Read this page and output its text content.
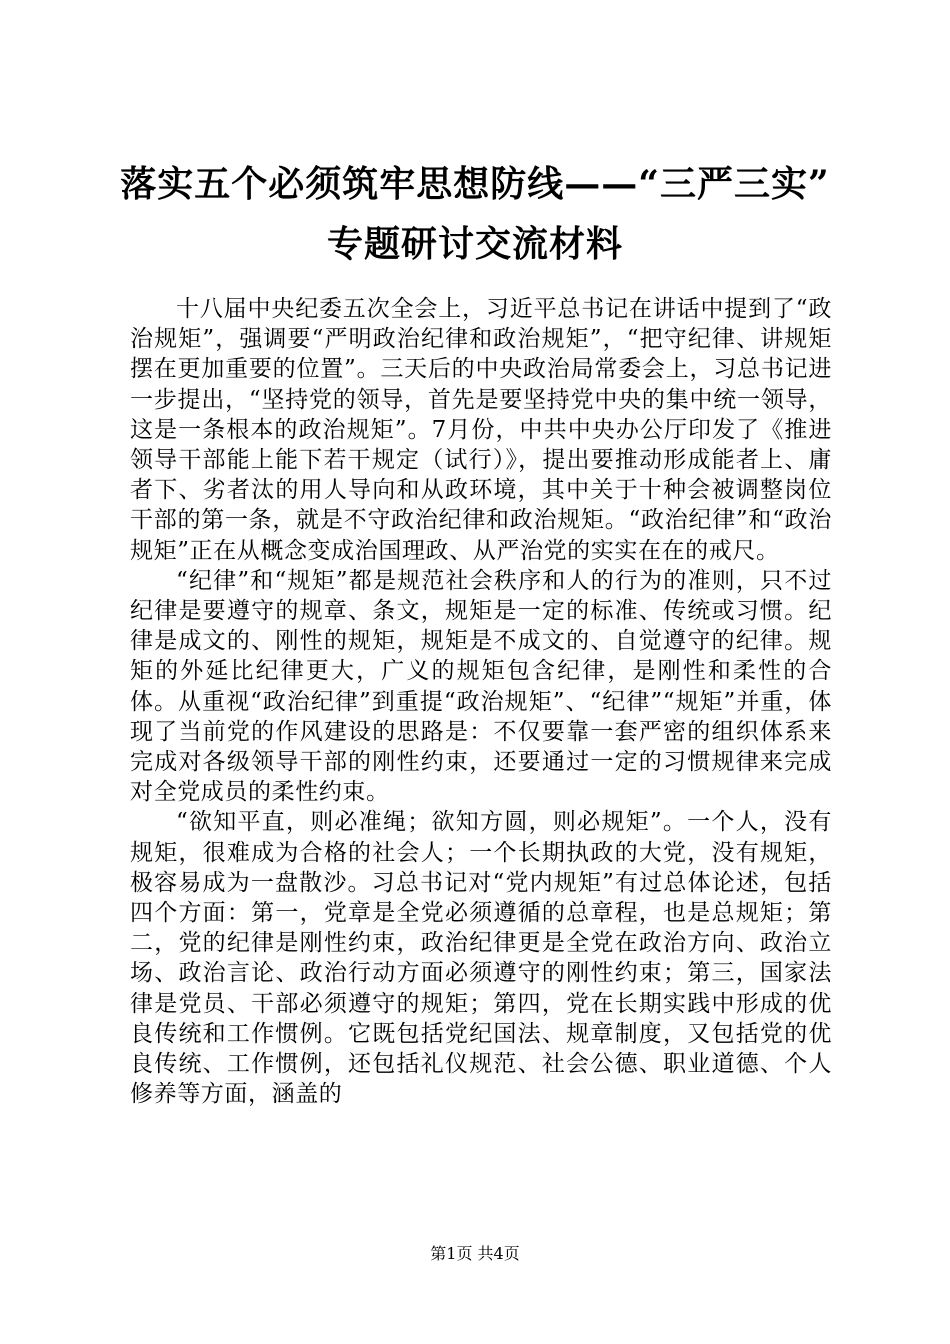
落实五个必须筑牢思想防线——“三严三实”
专题研讨交流材料

十八届中央纪委五次全会上，习近平总书记在讲话中提到了“政治规矩”，强调要“严明政治纪律和政治规矩”，“把守纪律、讲规矩摆在更加重要的位置”。三天后的中央政治局常委会上，习总书记进一步提出，“坚持党的领导，首先是要坚持党中央的集中统一领导，这是一条根本的政治规矩”。7月份，中共中央办公厅印发了《推进领导干部能上能下若干规定（试行）》，提出要推动形成能者上、庸者下、劣者汰的用人导向和从政环境，其中关于十种会被调整岗位干部的第一条，就是不守政治纪律和政治规矩。“政治纪律”和“政治规矩”正在从概念变成治国理政、从严治党的实实在在的戒尺。

“纪律”和“规矩”都是规范社会秩序和人的行为的准则，只不过纪律是要遵守的规章、条文，规矩是一定的标准、传统或习惯。纪律是成文的、刚性的规矩，规矩是不成文的、自觉遵守的纪律。规矩的外延比纪律更大，广义的规矩包含纪律，是刚性和柔性的合体。从重视“政治纪律”到重提“政治规矩”、“纪律”“规矩”并重，体现了当前党的作风建设的思路是：不仅要靠一套严密的组织体系来完成对各级领导干部的刚性约束，还要通过一定的习惯规律来完成对全党成员的柔性约束。

“欲知平直，则必准绳；欲知方圆，则必规矩”。一个人，没有规矩，很难成为合格的社会人；一个长期执政的大党，没有规矩，极容易成为一盘散沙。习总书记对“党内规矩”有过总体论述，包括四个方面：第一，党章是全党必须遵循的总章程，也是总规矩；第二，党的纪律是刚性约束，政治纪律更是全党在政治方向、政治立场、政治言论、政治行动方面必须遵守的刚性约束；第三，国家法律是党员、干部必须遵守的规矩；第四，党在长期实践中形成的优良传统和工作惯例。它既包括党纪国法、规章制度，又包括党的优良传统、工作惯例，还包括礼仪规范、社会公德、职业道德、个人修养等方面，涵盖的

第1页 共4页
